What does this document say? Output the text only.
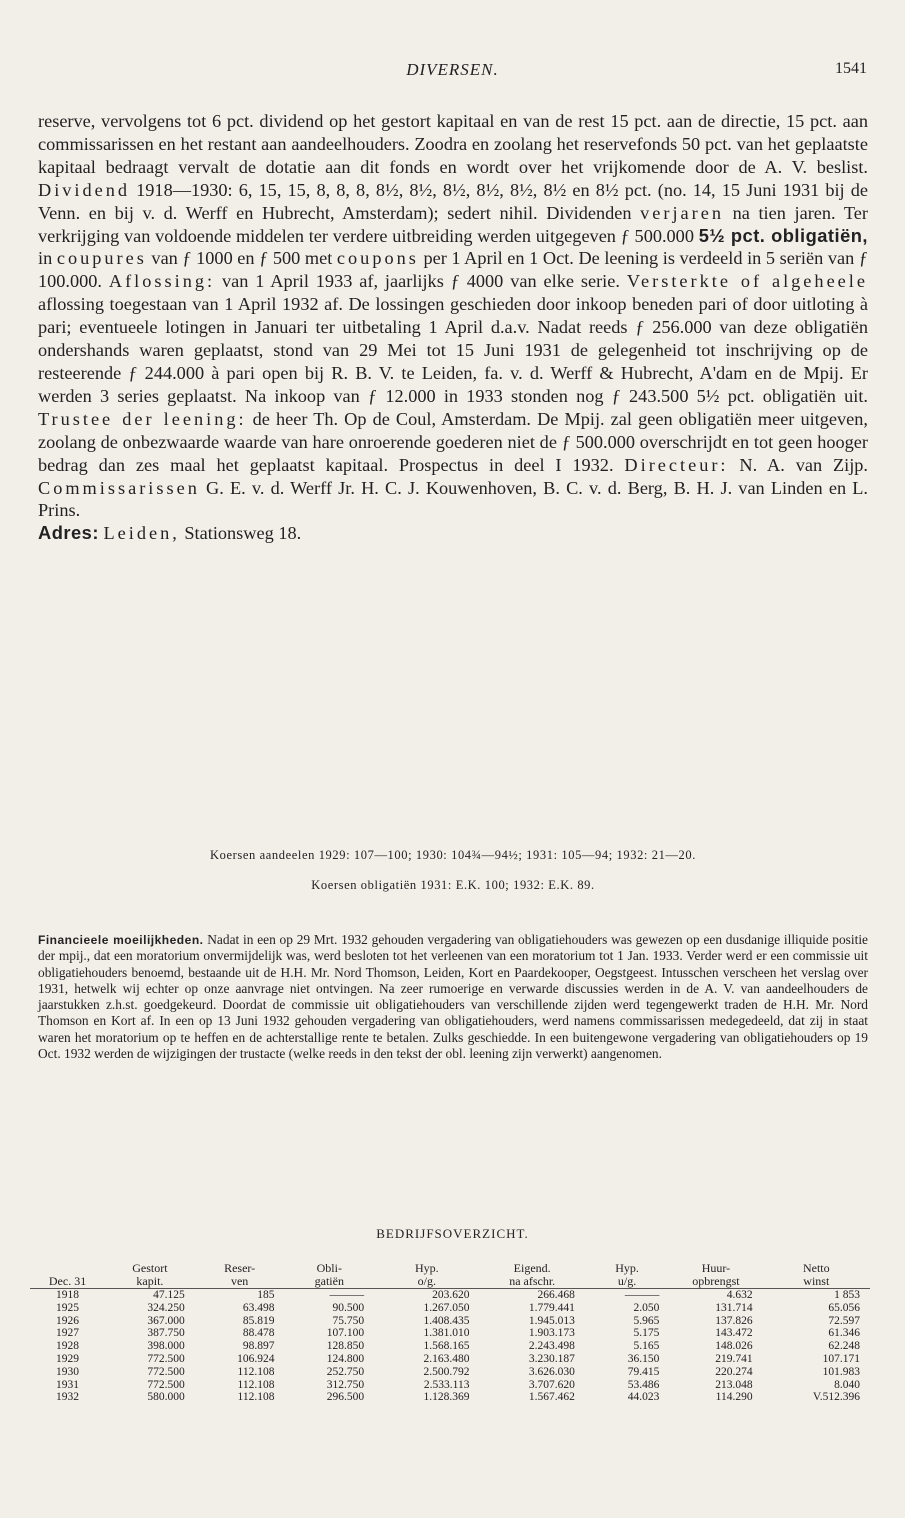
DIVERSEN.	1541
reserve, vervolgens tot 6 pct. dividend op het gestort kapitaal en van de rest 15 pct. aan de directie, 15 pct. aan commissarissen en het restant aan aandeelhouders. Zoodra en zoolang het reservefonds 50 pct. van het geplaatste kapitaal bedraagt vervalt de dotatie aan dit fonds en wordt over het vrijkomende door de A. V. beslist. Dividend 1918—1930: 6, 15, 15, 8, 8, 8, 8½, 8½, 8½, 8½, 8½, 8½ en 8½ pct. (no. 14, 15 Juni 1931 bij de Venn. en bij v. d. Werff en Hubrecht, Amsterdam); sedert nihil. Dividenden verjaren na tien jaren. Ter verkrijging van voldoende middelen ter verdere uitbreiding werden uitgegeven ƒ 500.000 5½ pct. obligatiën, in coupures van ƒ 1000 en ƒ 500 met coupons per 1 April en 1 Oct. De leening is verdeeld in 5 seriën van ƒ 100.000. Aflossing: van 1 April 1933 af, jaarlijks ƒ 4000 van elke serie. Versterkte of algeheele aflossing toegestaan van 1 April 1932 af. De lossingen geschieden door inkoop beneden pari of door uitloting à pari; eventueele lotingen in Januari ter uitbetaling 1 April d.a.v. Nadat reeds ƒ 256.000 van deze obligatiën ondershands waren geplaatst, stond van 29 Mei tot 15 Juni 1931 de gelegenheid tot inschrijving op de resteerende ƒ 244.000 à pari open bij R. B. V. te Leiden, fa. v. d. Werff & Hubrecht, A'dam en de Mpij. Er werden 3 series geplaatst. Na inkoop van ƒ 12.000 in 1933 stonden nog ƒ 243.500 5½ pct. obligatiën uit. Trustee der leening: de heer Th. Op de Coul, Amsterdam. De Mpij. zal geen obligatiën meer uitgeven, zoolang de onbezwaarde waarde van hare onroerende goederen niet de ƒ 500.000 overschrijdt en tot geen hooger bedrag dan zes maal het geplaatst kapitaal. Prospectus in deel I 1932. Directeur: N. A. van Zijp. Commissarissen G. E. v. d. Werff Jr. H. C. J. Kouwenhoven, B. C. v. d. Berg, B. H. J. van Linden en L. Prins.
Adres: Leiden, Stationsweg 18.
Koersen aandeelen 1929: 107—100; 1930: 104¾—94½; 1931: 105—94; 1932: 21—20.
Koersen obligatiën 1931: E.K. 100; 1932: E.K. 89.
Financieele moeilijkheden. Nadat in een op 29 Mrt. 1932 gehouden vergadering van obligatiehouders was gewezen op een dusdanige illiquide positie der mpij., dat een moratorium onvermijdelijk was, werd besloten tot het verleenen van een moratorium tot 1 Jan. 1933. Verder werd er een commissie uit obligatiehouders benoemd, bestaande uit de H.H. Mr. Nord Thomson, Leiden, Kort en Paardekooper, Oegstgeest. Intusschen verscheen het verslag over 1931, hetwelk wij echter op onze aanvrage niet ontvingen. Na zeer rumoerige en verwarde discussies werden in de A. V. van aandeelhouders de jaarstukken z.h.st. goedgekeurd. Doordat de commissie uit obligatiehouders van verschillende zijden werd tegengewerkt traden de H.H. Mr. Nord Thomson en Kort af. In een op 13 Juni 1932 gehouden vergadering van obligatiehouders, werd namens commissarissen medegedeeld, dat zij in staat waren het moratorium op te heffen en de achterstallige rente te betalen. Zulks geschiedde. In een buitengewone vergadering van obligatiehouders op 19 Oct. 1932 werden de wijzigingen der trustacte (welke reeds in den tekst der obl. leening zijn verwerkt) aangenomen.
BEDRIJFSOVERZICHT.
	Gestort	Reser-	Obli-	Hyp.	Eigend.	Hyp.	Huur-	Netto
Dec. 31	kapit.	ven	gatiën	o/g.	na afschr.	u/g.	opbrengst	winst
1918	47.125	185	———	203.620	266.468	———	4.632	1 853
1925	324.250	63.498	90.500	1.267.050	1.779.441	2.050	131.714	65.056
1926	367.000	85.819	75.750	1.408.435	1.945.013	5.965	137.826	72.597
1927	387.750	88.478	107.100	1.381.010	1.903.173	5.175	143.472	61.346
1928	398.000	98.897	128.850	1.568.165	2.243.498	5.165	148.026	62.248
1929	772.500	106.924	124.800	2.163.480	3.230.187	36.150	219.741	107.171
1930	772.500	112.108	252.750	2.500.792	3.626.030	79.415	220.274	101.983
1931	772.500	112.108	312.750	2.533.113	3.707.620	53.486	213.048	8.040
1932	580.000	112.108	296.500	1.128.369	1.567.462	44.023	114.290	V.512.396
